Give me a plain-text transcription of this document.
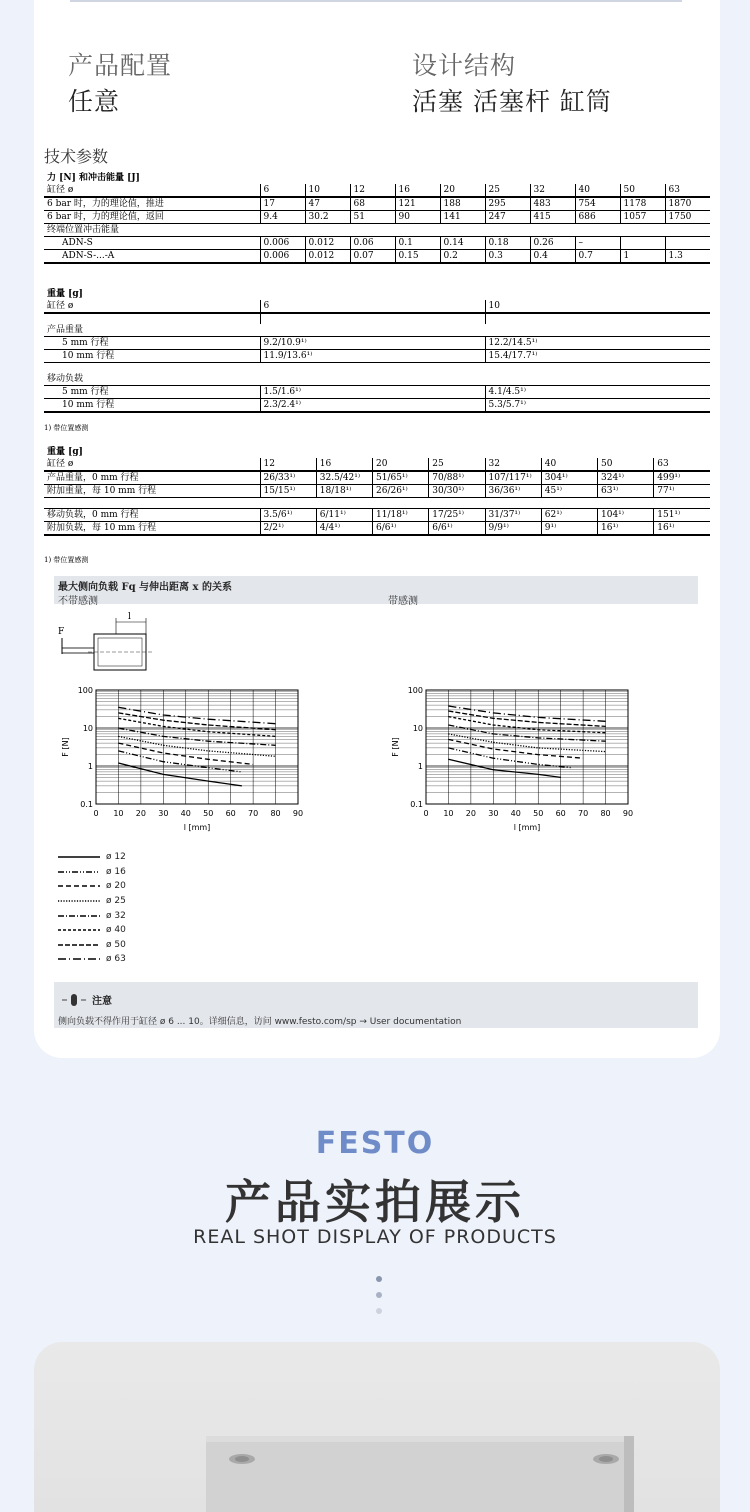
产品配置
任意
设计结构
活塞 活塞杆 缸筒
技术参数
力 [N] 和冲击能量 [J]										
缸径 ø	6	10	12	16	20	25	32	40	50	63
6 bar 时，力的理论值，推进	17	47	68	121	188	295	483	754	1178	1870
6 bar 时，力的理论值，返回	9.4	30.2	51	90	141	247	415	686	1057	1750
终端位置冲击能量										
ADN-S	0.006	0.012	0.06	0.1	0.14	0.18	0.26	–		
ADN-S-...-A	0.006	0.012	0.07	0.15	0.2	0.3	0.4	0.7	1	1.3
重量 [g]		
缸径 ø	6	10

产品重量		
5 mm 行程	9.2/10.9¹⁾	12.2/14.5¹⁾
10 mm 行程	11.9/13.6¹⁾	15.4/17.7¹⁾

移动负载		
5 mm 行程	1.5/1.6¹⁾	4.1/4.5¹⁾
10 mm 行程	2.3/2.4¹⁾	5.3/5.7¹⁾
1) 带位置感测
重量 [g]								
缸径 ø	12	16	20	25	32	40	50	63
产品重量，0 mm 行程	26/33¹⁾	32.5/42¹⁾	51/65¹⁾	70/88¹⁾	107/117¹⁾	304¹⁾	324¹⁾	499¹⁾
附加重量，每 10 mm 行程	15/15¹⁾	18/18¹⁾	26/26¹⁾	30/30¹⁾	36/36¹⁾	45¹⁾	63¹⁾	77¹⁾

移动负载，0 mm 行程	3.5/6¹⁾	6/11¹⁾	11/18¹⁾	17/25¹⁾	31/37¹⁾	62¹⁾	104¹⁾	151¹⁾
附加负载，每 10 mm 行程	2/2¹⁾	4/4¹⁾	6/6¹⁾	6/6¹⁾	9/9¹⁾	9¹⁾	16¹⁾	16¹⁾
1) 带位置感测
最大侧向负载 Fq 与伸出距离 x 的关系
不带感测	带感测
F
l
0 10 20 30 40 50 60 70 80 90
0.1
1
10
100
l [mm]
F [N]
0 10 20 30 40 50 60 70 80 90
0.1
1
10
100
l [mm]
F [N]
ø 12
ø 16
ø 20
ø 25
ø 32
ø 40
ø 50
ø 63
注意
侧向负载不得作用于缸径 ø 6 ... 10。详细信息，访问 www.festo.com/sp → User documentation
FESTO
产品实拍展示
REAL SHOT DISPLAY OF PRODUCTS
